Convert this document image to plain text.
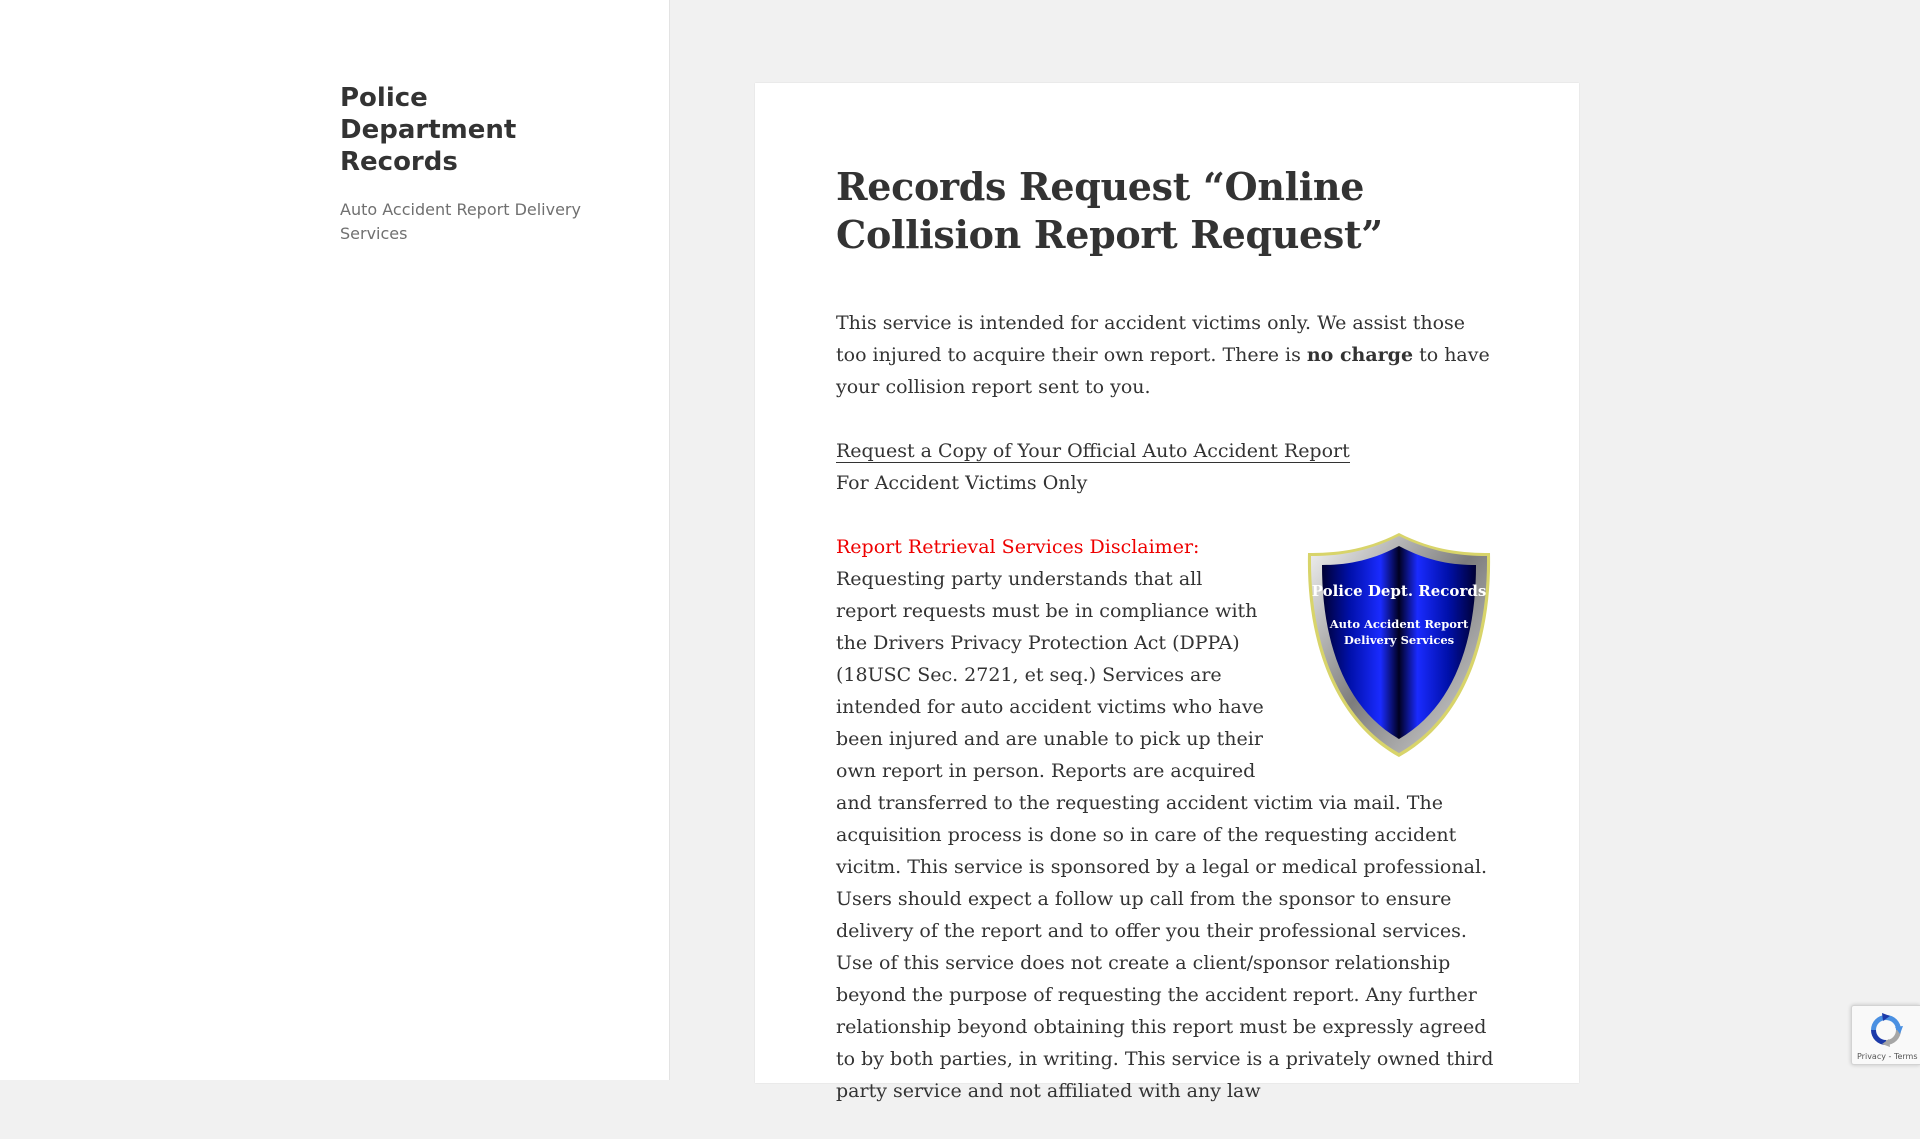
Police Department Records
Auto Accident Report Delivery Services
Records Request “Online Collision Report Request”

This service is intended for accident victims only. We assist those too injured to acquire their own report. There is no charge to have your collision report sent to you.

Request a Copy of Your Official Auto Accident Report
For Accident Victims Only

Police Dept. Records
Auto Accident Report
Delivery Services

Report Retrieval Services Disclaimer:
Requesting party understands that all report requests must be in compliance with the Drivers Privacy Protection Act (DPPA) (18USC Sec. 2721, et seq.) Services are intended for auto accident victims who have been injured and are unable to pick up their own report in person. Reports are acquired and transferred to the requesting accident victim via mail. The acquisition process is done so in care of the requesting accident vicitm. This service is sponsored by a legal or medical professional. Users should expect a follow up call from the sponsor to ensure delivery of the report and to offer you their professional services. Use of this service does not create a client/sponsor relationship beyond the purpose of requesting the accident report. Any further relationship beyond obtaining this report must be expressly agreed to by both parties, in writing. This service is a privately owned third party service and not affiliated with any law

Privacy - Terms
